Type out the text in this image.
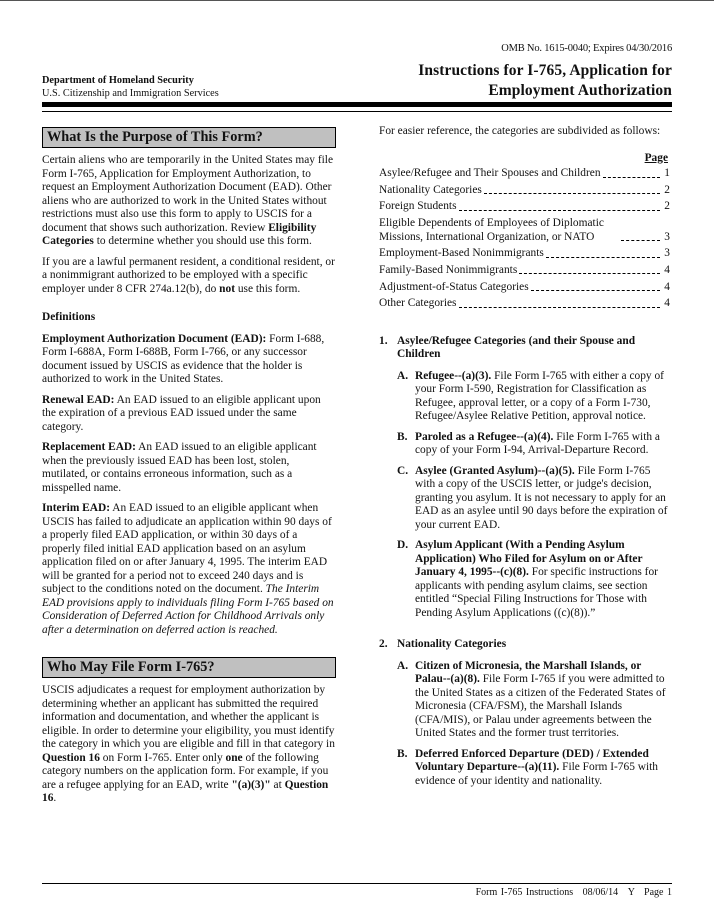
OMB No. 1615-0040; Expires 04/30/2016
Instructions for I-765, Application for
Employment Authorization
Department of Homeland Security
U.S. Citizenship and Immigration Services
What Is the Purpose of This Form?

Certain aliens who are temporarily in the United States may file Form I-765, Application for Employment Authorization, to request an Employment Authorization Document (EAD). Other aliens who are authorized to work in the United States without restrictions must also use this form to apply to USCIS for a document that shows such authorization. Review Eligibility Categories to determine whether you should use this form.

If you are a lawful permanent resident, a conditional resident, or a nonimmigrant authorized to be employed with a specific employer under 8 CFR 274a.12(b), do not use this form.

Definitions

Employment Authorization Document (EAD): Form I-688, Form I-688A, Form I-688B, Form I-766, or any successor document issued by USCIS as evidence that the holder is authorized to work in the United States.

Renewal EAD: An EAD issued to an eligible applicant upon the expiration of a previous EAD issued under the same category.

Replacement EAD: An EAD issued to an eligible applicant when the previously issued EAD has been lost, stolen, mutilated, or contains erroneous information, such as a misspelled name.

Interim EAD: An EAD issued to an eligible applicant when USCIS has failed to adjudicate an application within 90 days of a properly filed EAD application, or within 30 days of a properly filed initial EAD application based on an asylum application filed on or after January 4, 1995. The interim EAD will be granted for a period not to exceed 240 days and is subject to the conditions noted on the document. The Interim EAD provisions apply to individuals filing Form I-765 based on Consideration of Deferred Action for Childhood Arrivals only after a determination on deferred action is reached.

Who May File Form I-765?

USCIS adjudicates a request for employment authorization by determining whether an applicant has submitted the required information and documentation, and whether the applicant is eligible. In order to determine your eligibility, you must identify the category in which you are eligible and fill in that category in Question 16 on Form I-765. Enter only one of the following category numbers on the application form. For example, if you are a refugee applying for an EAD, write "(a)(3)" at Question 16.

For easier reference, the categories are subdivided as follows:

Page
Asylee/Refugee and Their Spouses and Children	1
Nationality Categories	2
Foreign Students	2
Eligible Dependents of Employees of Diplomatic Missions, International Organization, or NATO	3
Employment-Based Nonimmigrants	3
Family-Based Nonimmigrants	4
Adjustment-of-Status Categories	4
Other Categories	4
1. Asylee/Refugee Categories (and their Spouse and Children
A. Refugee--(a)(3). File Form I-765 with either a copy of your Form I-590, Registration for Classification as Refugee, approval letter, or a copy of a Form I-730, Refugee/Asylee Relative Petition, approval notice.
B. Paroled as a Refugee--(a)(4). File Form I-765 with a copy of your Form I-94, Arrival-Departure Record.
C. Asylee (Granted Asylum)--(a)(5). File Form I-765 with a copy of the USCIS letter, or judge's decision, granting you asylum. It is not necessary to apply for an EAD as an asylee until 90 days before the expiration of your current EAD.
D. Asylum Applicant (With a Pending Asylum Application) Who Filed for Asylum on or After January 4, 1995--(c)(8). For specific instructions for applicants with pending asylum claims, see section entitled “Special Filing Instructions for Those with Pending Asylum Applications ((c)(8)).”
2. Nationality Categories
A. Citizen of Micronesia, the Marshall Islands, or Palau--(a)(8). File Form I-765 if you were admitted to the United States as a citizen of the Federated States of Micronesia (CFA/FSM), the Marshall Islands (CFA/MIS), or Palau under agreements between the United States and the former trust territories.
B. Deferred Enforced Departure (DED) / Extended Voluntary Departure--(a)(11). File Form I-765 with evidence of your identity and nationality.
Form I-765 Instructions 08/06/14 Y Page 1
